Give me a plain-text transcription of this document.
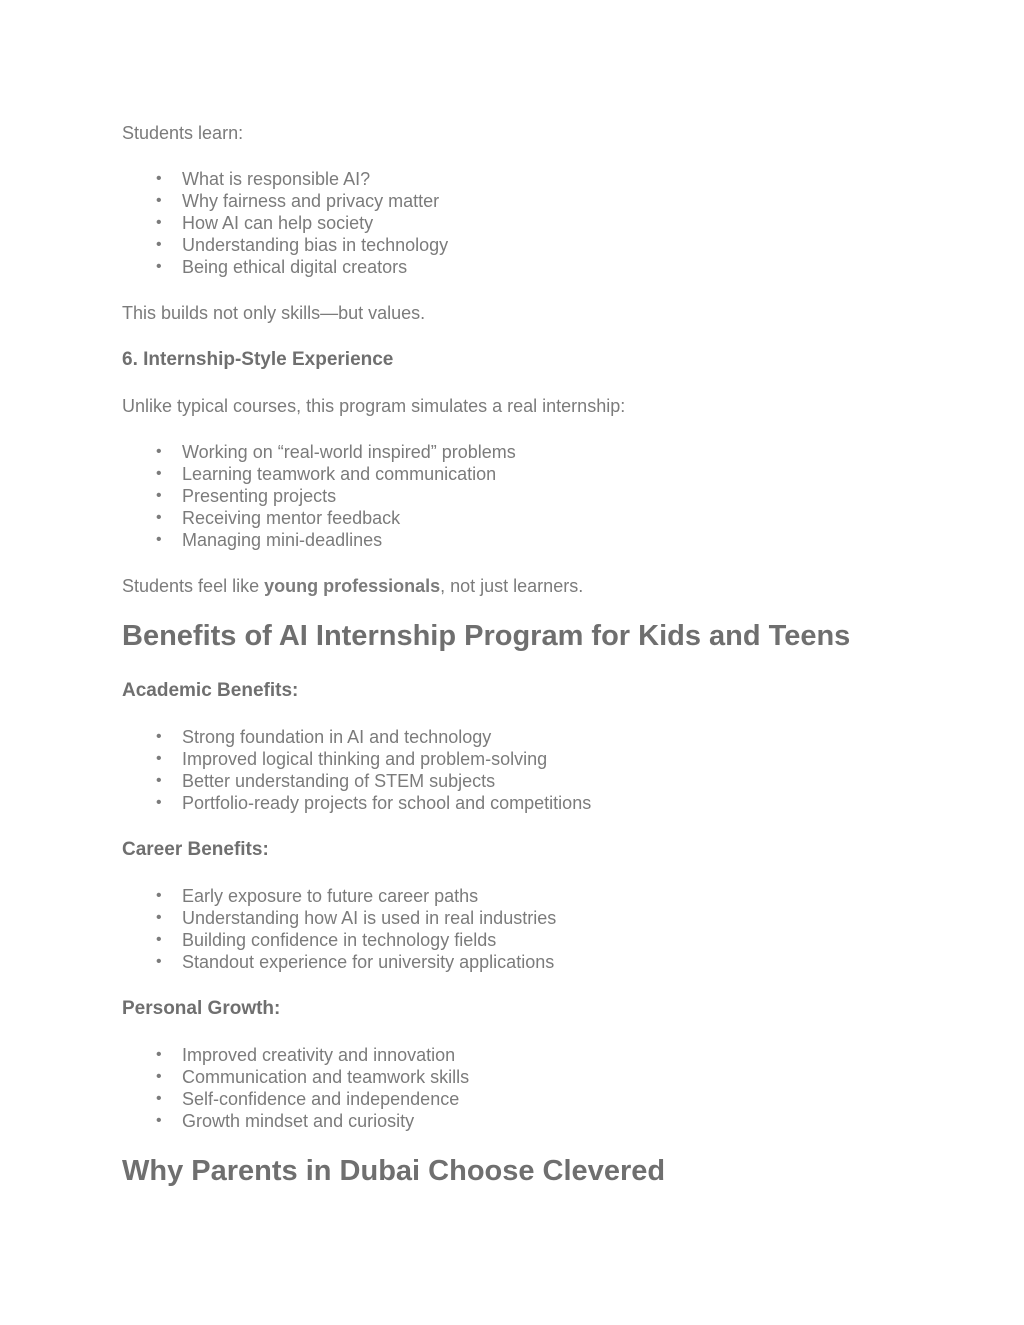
Students learn:

• What is responsible AI?
• Why fairness and privacy matter
• How AI can help society
• Understanding bias in technology
• Being ethical digital creators

This builds not only skills—but values.

6. Internship-Style Experience

Unlike typical courses, this program simulates a real internship:

• Working on “real-world inspired” problems
• Learning teamwork and communication
• Presenting projects
• Receiving mentor feedback
• Managing mini-deadlines

Students feel like young professionals, not just learners.

Benefits of AI Internship Program for Kids and Teens
Academic Benefits:
• Strong foundation in AI and technology
• Improved logical thinking and problem-solving
• Better understanding of STEM subjects
• Portfolio-ready projects for school and competitions
Career Benefits:
• Early exposure to future career paths
• Understanding how AI is used in real industries
• Building confidence in technology fields
• Standout experience for university applications
Personal Growth:
• Improved creativity and innovation
• Communication and teamwork skills
• Self-confidence and independence
• Growth mindset and curiosity
Why Parents in Dubai Choose Clevered
